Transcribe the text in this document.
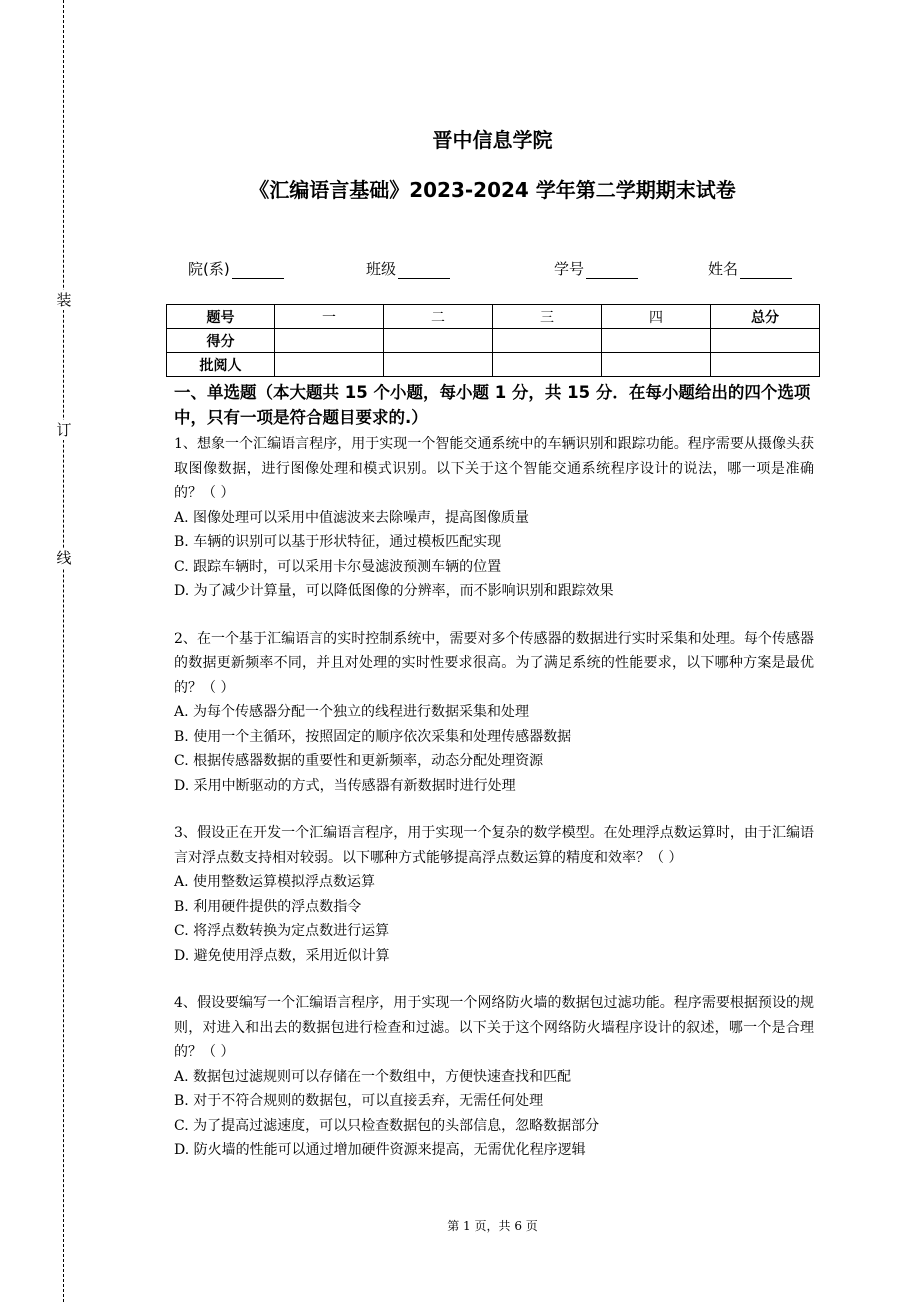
装
订
线
晋中信息学院
《汇编语言基础》2023-2024 学年第二学期期末试卷
院(系)	班级	学号	姓名
题号	一	二	三	四	总分
得分					
批阅人					

一、单选题（本大题共 15 个小题，每小题 1 分，共 15 分．在每小题给出的四个选项中，只有一项是符合题目要求的.）

1、想象一个汇编语言程序，用于实现一个智能交通系统中的车辆识别和跟踪功能。程序需要从摄像头获取图像数据，进行图像处理和模式识别。以下关于这个智能交通系统程序设计的说法，哪一项是准确的？（ ）

A. 图像处理可以采用中值滤波来去除噪声，提高图像质量

B. 车辆的识别可以基于形状特征，通过模板匹配实现

C. 跟踪车辆时，可以采用卡尔曼滤波预测车辆的位置

D. 为了减少计算量，可以降低图像的分辨率，而不影响识别和跟踪效果

2、在一个基于汇编语言的实时控制系统中，需要对多个传感器的数据进行实时采集和处理。每个传感器的数据更新频率不同，并且对处理的实时性要求很高。为了满足系统的性能要求，以下哪种方案是最优的？（ ）

A. 为每个传感器分配一个独立的线程进行数据采集和处理

B. 使用一个主循环，按照固定的顺序依次采集和处理传感器数据

C. 根据传感器数据的重要性和更新频率，动态分配处理资源

D. 采用中断驱动的方式，当传感器有新数据时进行处理

3、假设正在开发一个汇编语言程序，用于实现一个复杂的数学模型。在处理浮点数运算时，由于汇编语言对浮点数支持相对较弱。以下哪种方式能够提高浮点数运算的精度和效率？（ ）

A. 使用整数运算模拟浮点数运算

B. 利用硬件提供的浮点数指令

C. 将浮点数转换为定点数进行运算

D. 避免使用浮点数，采用近似计算

4、假设要编写一个汇编语言程序，用于实现一个网络防火墙的数据包过滤功能。程序需要根据预设的规则，对进入和出去的数据包进行检查和过滤。以下关于这个网络防火墙程序设计的叙述，哪一个是合理的？（ ）

A. 数据包过滤规则可以存储在一个数组中，方便快速查找和匹配

B. 对于不符合规则的数据包，可以直接丢弃，无需任何处理

C. 为了提高过滤速度，可以只检查数据包的头部信息，忽略数据部分

D. 防火墙的性能可以通过增加硬件资源来提高，无需优化程序逻辑

第 1 页，共 6 页
